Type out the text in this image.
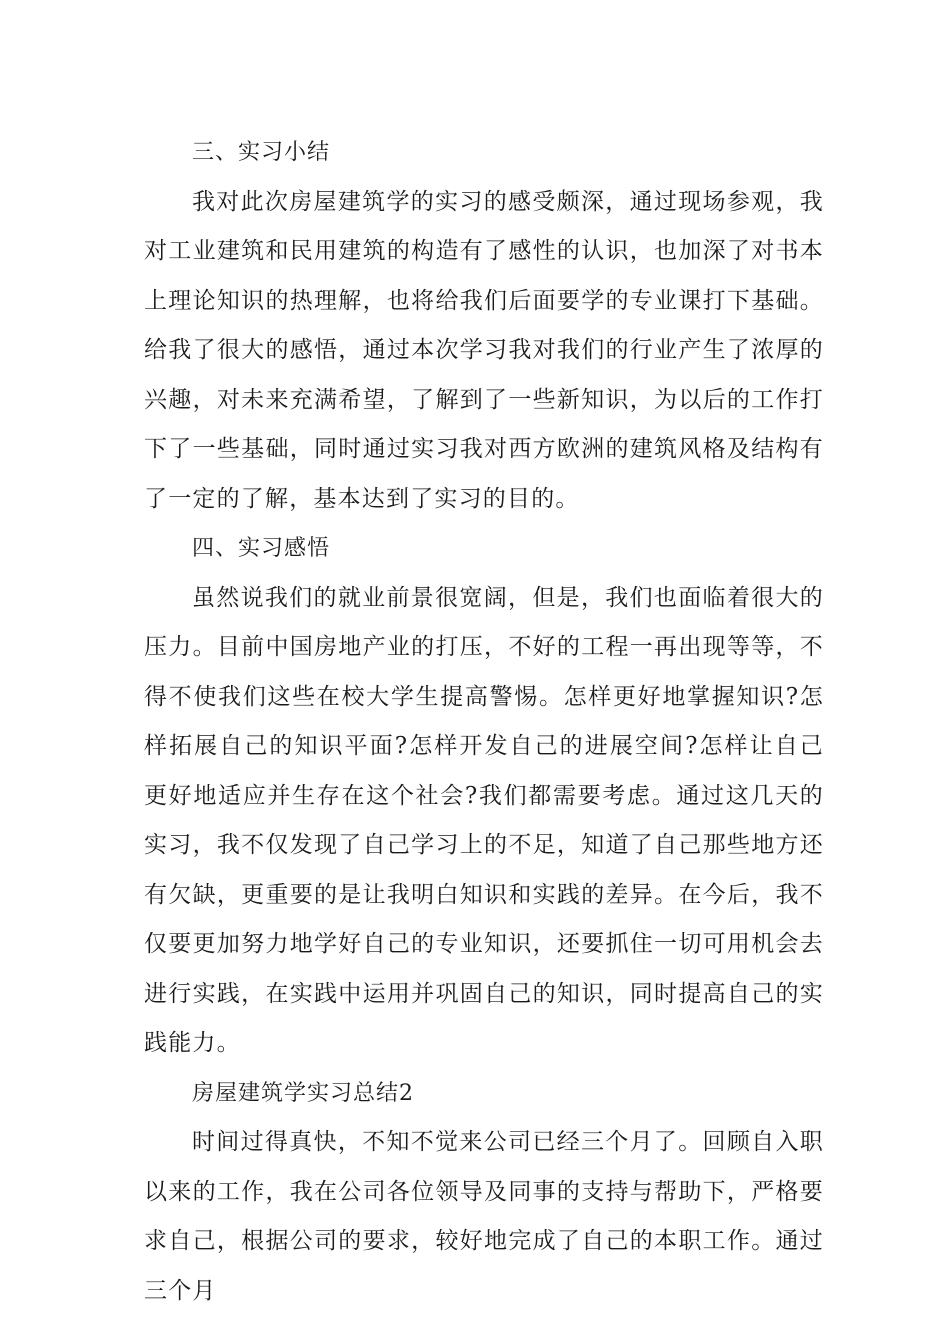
三、实习小结

我对此次房屋建筑学的实习的感受颇深，通过现场参观，我对工业建筑和民用建筑的构造有了感性的认识，也加深了对书本上理论知识的热理解，也将给我们后面要学的专业课打下基础。给我了很大的感悟，通过本次学习我对我们的行业产生了浓厚的兴趣，对未来充满希望，了解到了一些新知识，为以后的工作打下了一些基础，同时通过实习我对西方欧洲的建筑风格及结构有了一定的了解，基本达到了实习的目的。

四、实习感悟

虽然说我们的就业前景很宽阔，但是，我们也面临着很大的压力。目前中国房地产业的打压，不好的工程一再出现等等，不得不使我们这些在校大学生提高警惕。怎样更好地掌握知识?怎样拓展自己的知识平面?怎样开发自己的进展空间?怎样让自己更好地适应并生存在这个社会?我们都需要考虑。通过这几天的实习，我不仅发现了自己学习上的不足，知道了自己那些地方还有欠缺，更重要的是让我明白知识和实践的差异。在今后，我不仅要更加努力地学好自己的专业知识，还要抓住一切可用机会去进行实践，在实践中运用并巩固自己的知识，同时提高自己的实践能力。

房屋建筑学实习总结2

时间过得真快，不知不觉来公司已经三个月了。回顾自入职以来的工作，我在公司各位领导及同事的支持与帮助下，严格要求自己，根据公司的要求，较好地完成了自己的本职工作。通过三个月
